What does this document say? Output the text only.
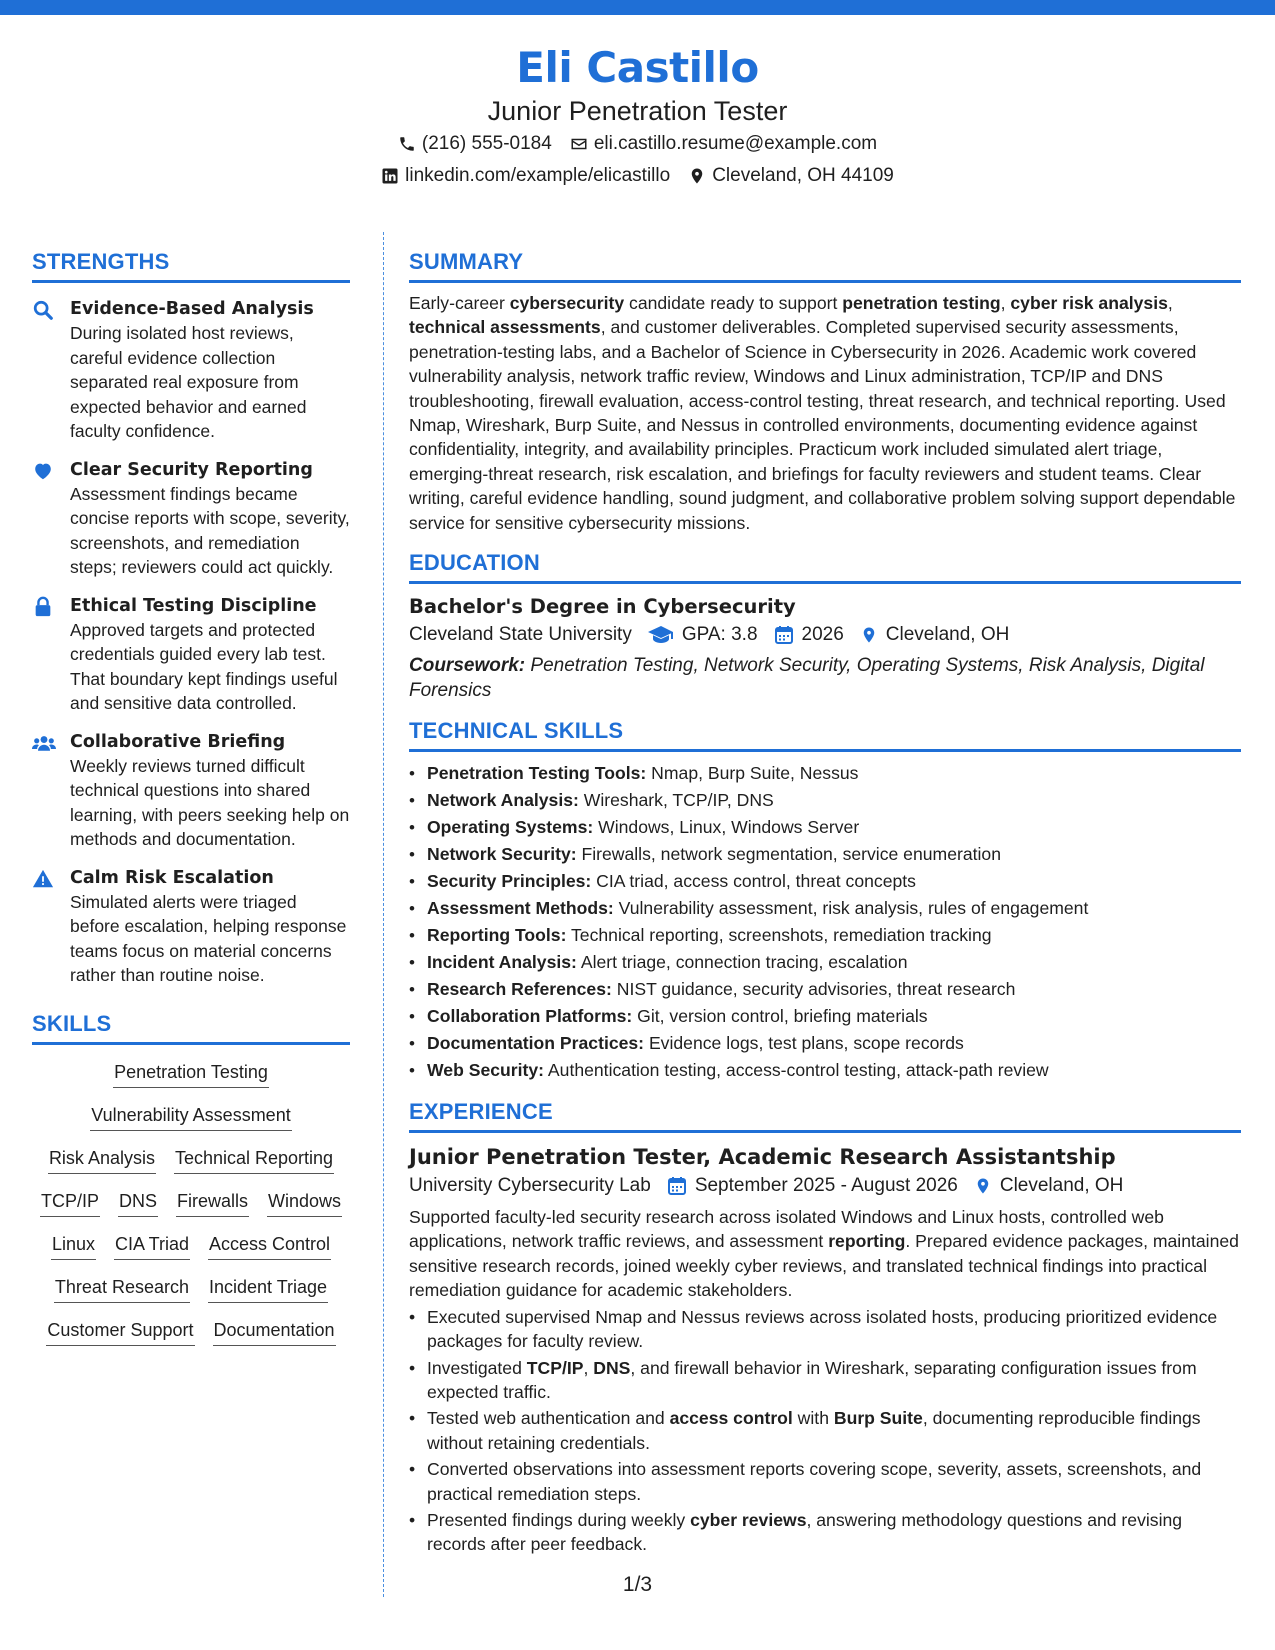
Eli Castillo
Junior Penetration Tester
(216) 555-0184 eli.castillo.resume@example.com
linkedin.com/example/elicastillo Cleveland, OH 44109
STRENGTHS
Evidence-Based Analysis
During isolated host reviews, careful evidence collection separated real exposure from expected behavior and earned faculty confidence.
Clear Security Reporting
Assessment findings became concise reports with scope, severity, screenshots, and remediation steps; reviewers could act quickly.
Ethical Testing Discipline
Approved targets and protected credentials guided every lab test. That boundary kept findings useful and sensitive data controlled.
Collaborative Briefing
Weekly reviews turned difficult technical questions into shared learning, with peers seeking help on methods and documentation.
Calm Risk Escalation
Simulated alerts were triaged before escalation, helping response teams focus on material concerns rather than routine noise.
SKILLS
Penetration Testing
Vulnerability Assessment
Risk Analysis Technical Reporting
TCP/IP DNS Firewalls Windows
Linux CIA Triad Access Control
Threat Research Incident Triage
Customer Support Documentation
SUMMARY
Early-career cybersecurity candidate ready to support penetration testing, cyber risk analysis, technical assessments, and customer deliverables. Completed supervised security assessments, penetration-testing labs, and a Bachelor of Science in Cybersecurity in 2026. Academic work covered vulnerability analysis, network traffic review, Windows and Linux administration, TCP/IP and DNS troubleshooting, firewall evaluation, access-control testing, threat research, and technical reporting. Used Nmap, Wireshark, Burp Suite, and Nessus in controlled environments, documenting evidence against confidentiality, integrity, and availability principles. Practicum work included simulated alert triage, emerging-threat research, risk escalation, and briefings for faculty reviewers and student teams. Clear writing, careful evidence handling, sound judgment, and collaborative problem solving support dependable service for sensitive cybersecurity missions.
EDUCATION
Bachelor's Degree in Cybersecurity
Cleveland State University	GPA: 3.8 2026 Cleveland, OH
Coursework: Penetration Testing, Network Security, Operating Systems, Risk Analysis, Digital Forensics
TECHNICAL SKILLS
• Penetration Testing Tools: Nmap, Burp Suite, Nessus
• Network Analysis: Wireshark, TCP/IP, DNS
• Operating Systems: Windows, Linux, Windows Server
• Network Security: Firewalls, network segmentation, service enumeration
• Security Principles: CIA triad, access control, threat concepts
• Assessment Methods: Vulnerability assessment, risk analysis, rules of engagement
• Reporting Tools: Technical reporting, screenshots, remediation tracking
• Incident Analysis: Alert triage, connection tracing, escalation
• Research References: NIST guidance, security advisories, threat research
• Collaboration Platforms: Git, version control, briefing materials
• Documentation Practices: Evidence logs, test plans, scope records
• Web Security: Authentication testing, access-control testing, attack-path review
EXPERIENCE
Junior Penetration Tester, Academic Research Assistantship
University Cybersecurity Lab September 2025 - August 2026 Cleveland, OH
Supported faculty-led security research across isolated Windows and Linux hosts, controlled web applications, network traffic reviews, and assessment reporting. Prepared evidence packages, maintained sensitive research records, joined weekly cyber reviews, and translated technical findings into practical remediation guidance for academic stakeholders.
• Executed supervised Nmap and Nessus reviews across isolated hosts, producing prioritized evidence packages for faculty review.
• Investigated TCP/IP, DNS, and firewall behavior in Wireshark, separating configuration issues from expected traffic.
• Tested web authentication and access control with Burp Suite, documenting reproducible findings without retaining credentials.
• Converted observations into assessment reports covering scope, severity, assets, screenshots, and practical remediation steps.
• Presented findings during weekly cyber reviews, answering methodology questions and revising records after peer feedback.
1/3
